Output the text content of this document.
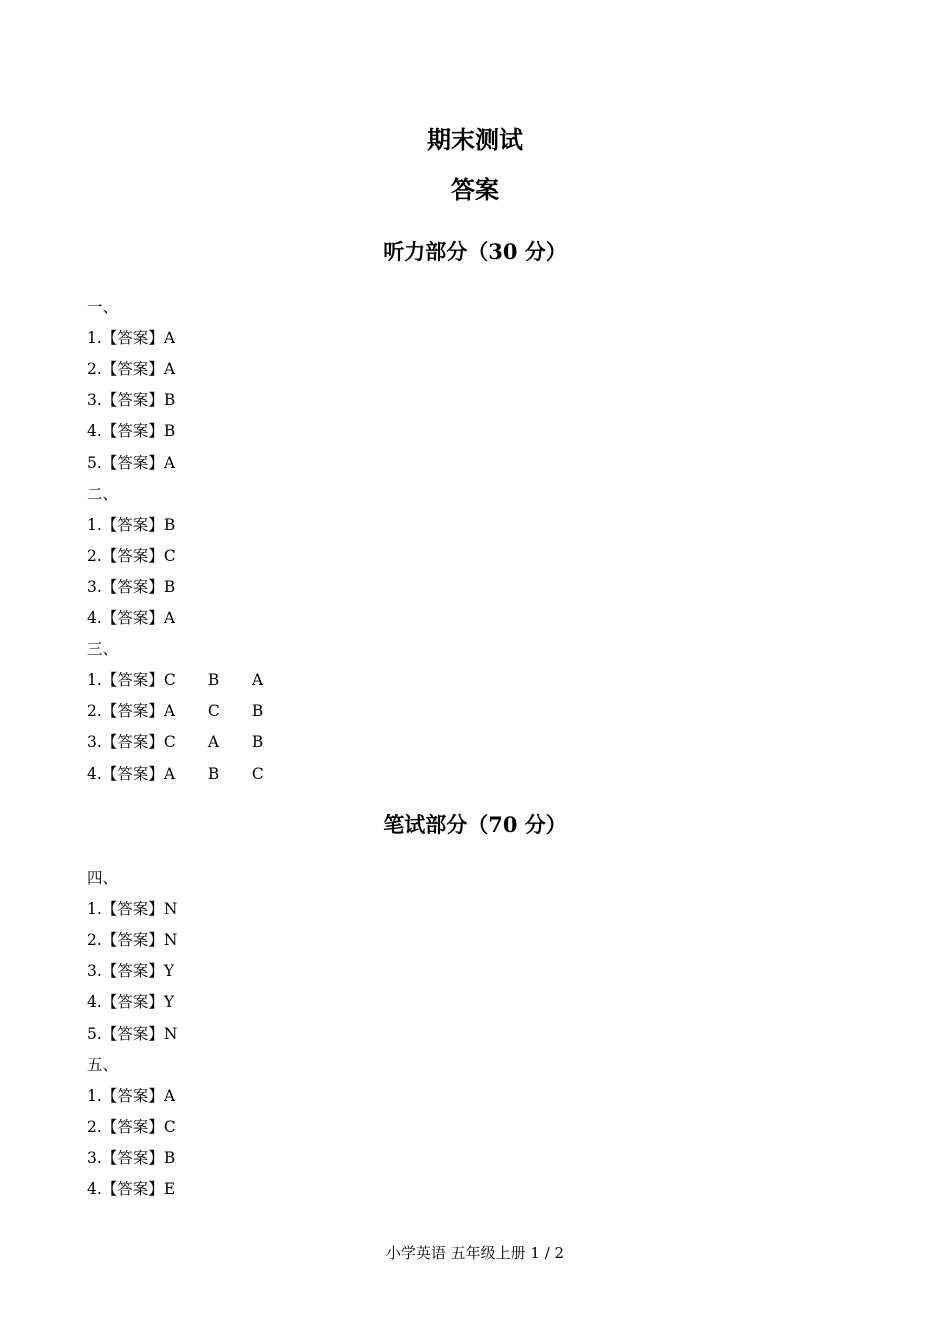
期末测试
答案
听力部分（30 分）
笔试部分（70 分）
一、
1.【答案】A
2.【答案】A
3.【答案】B
4.【答案】B
5.【答案】A
二、
1.【答案】B
2.【答案】C
3.【答案】B
4.【答案】A
三、
1.【答案】C B A
2.【答案】A C B
3.【答案】C A B
4.【答案】A B C
四、
1.【答案】N
2.【答案】N
3.【答案】Y
4.【答案】Y
5.【答案】N
五、
1.【答案】A
2.【答案】C
3.【答案】B
4.【答案】E
小学英语 五年级上册 1 / 2
